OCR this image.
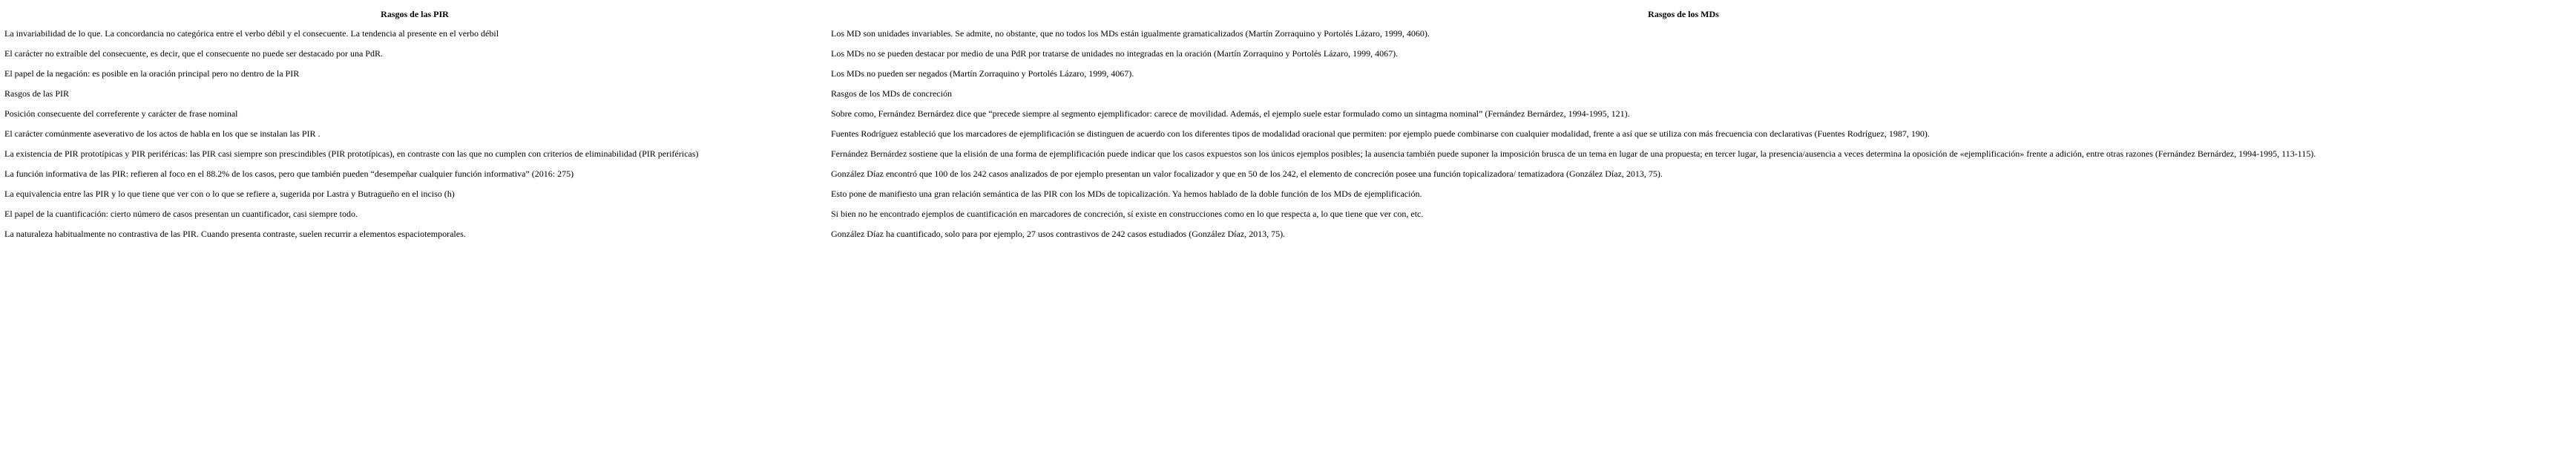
Rasgos de las PIR	Rasgos de los MDs
La invariabilidad de lo que. La concordancia no categórica entre el verbo débil y el consecuente. La tendencia al presente en el verbo débil	Los MD son unidades invariables. Se admite, no obstante, que no todos los MDs están igualmente gramaticalizados (Martín Zorraquino y Portolés Lázaro, 1999, 4060).
El carácter no extraíble del consecuente, es decir, que el consecuente no puede ser destacado por una PdR.	Los MDs no se pueden destacar por medio de una PdR por tratarse de unidades no integradas en la oración (Martín Zorraquino y Portolés Lázaro, 1999, 4067).
El papel de la negación: es posible en la oración principal pero no dentro de la PIR	Los MDs no pueden ser negados (Martín Zorraquino y Portolés Lázaro, 1999, 4067).
Rasgos de las PIR	Rasgos de los MDs de concreción
Posición consecuente del correferente y carácter de frase nominal	Sobre como, Fernández Bernárdez dice que “precede siempre al segmento ejemplificador: carece de movilidad. Además, el ejemplo suele estar formulado como un sintagma nominal” (Fernández Bernárdez, 1994-1995, 121).
El carácter comúnmente aseverativo de los actos de habla en los que se instalan las PIR .	Fuentes Rodríguez estableció que los marcadores de ejemplificación se distinguen de acuerdo con los diferentes tipos de modalidad oracional que permiten: por ejemplo puede combinarse con cualquier modalidad, frente a así que se utiliza con más frecuencia con declarativas (Fuentes Rodríguez, 1987, 190).
La existencia de PIR prototípicas y PIR periféricas: las PIR casi siempre son prescindibles (PIR prototípicas), en contraste con las que no cumplen con criterios de eliminabilidad (PIR periféricas)	Fernández Bernárdez sostiene que la elisión de una forma de ejemplificación puede indicar que los casos expuestos son los únicos ejemplos posibles; la ausencia también puede suponer la imposición brusca de un tema en lugar de una propuesta; en tercer lugar, la presencia/ausencia a veces determina la oposición de «ejemplificación» frente a adición, entre otras razones (Fernández Bernárdez, 1994-1995, 113-115).
La función informativa de las PIR: refieren al foco en el 88.2% de los casos, pero que también pueden “desempeñar cualquier función informativa” (2016: 275)	González Díaz encontró que 100 de los 242 casos analizados de por ejemplo presentan un valor focalizador y que en 50 de los 242, el elemento de concreción posee una función topicalizadora/ tematizadora (González Díaz, 2013, 75).
La equivalencia entre las PIR y lo que tiene que ver con o lo que se refiere a, sugerida por Lastra y Butragueño en el inciso (h)	Esto pone de manifiesto una gran relación semántica de las PIR con los MDs de topicalización. Ya hemos hablado de la doble función de los MDs de ejemplificación.
El papel de la cuantificación: cierto número de casos presentan un cuantificador, casi siempre todo.	Si bien no he encontrado ejemplos de cuantificación en marcadores de concreción, sí existe en construcciones como en lo que respecta a, lo que tiene que ver con, etc.
La naturaleza habitualmente no contrastiva de las PIR. Cuando presenta contraste, suelen recurrir a elementos espaciotemporales.	González Díaz ha cuantificado, solo para por ejemplo, 27 usos contrastivos de 242 casos estudiados (González Díaz, 2013, 75).
